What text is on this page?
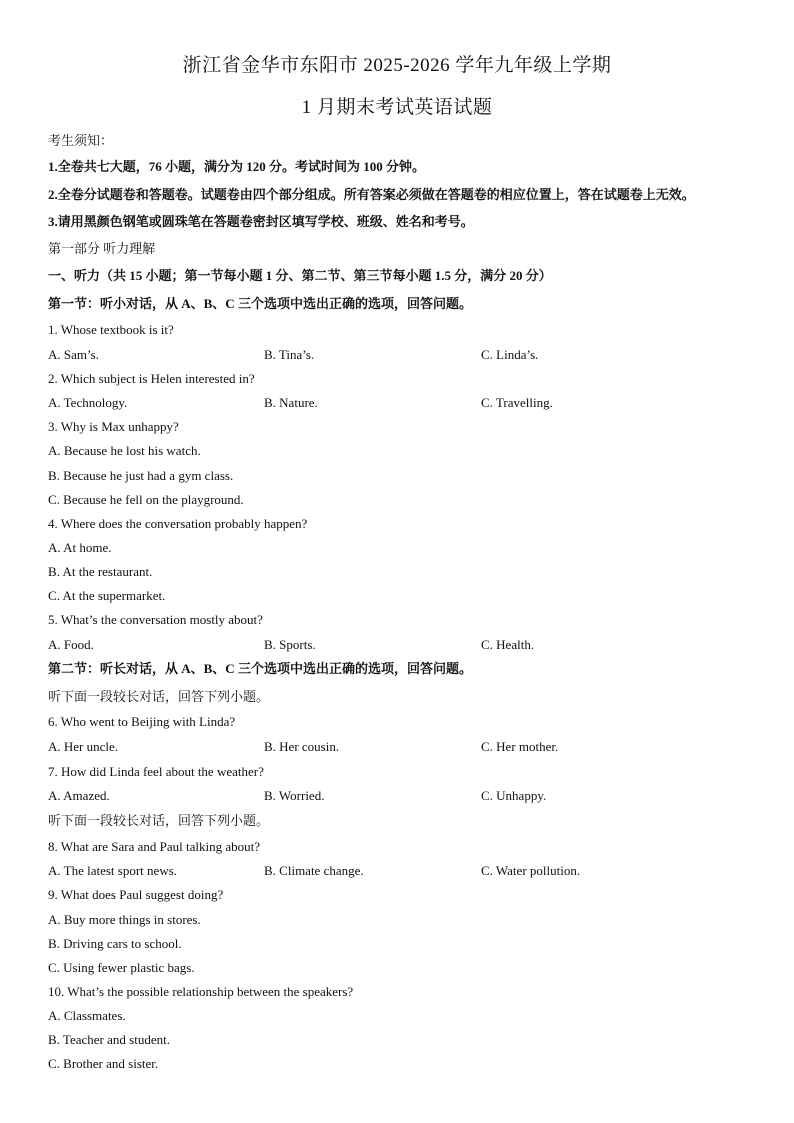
浙江省金华市东阳市 2025-2026 学年九年级上学期
1 月期末考试英语试题
考生须知：
1.全卷共七大题，76 小题，满分为 120 分。考试时间为 100 分钟。
2.全卷分试题卷和答题卷。试题卷由四个部分组成。所有答案必须做在答题卷的相应位置上，答在试题卷上无效。
3.请用黑颜色钢笔或圆珠笔在答题卷密封区填写学校、班级、姓名和考号。
第一部分 听力理解
一、听力（共 15 小题；第一节每小题 1 分、第二节、第三节每小题 1.5 分，满分 20 分）
第一节：听小对话，从 A、B、C 三个选项中选出正确的选项，回答问题。
1. Whose textbook is it?
A. Sam’s.	B. Tina’s.	C. Linda’s.
2. Which subject is Helen interested in?
A. Technology.	B. Nature.	C. Travelling.
3. Why is Max unhappy?
A. Because he lost his watch.
B. Because he just had a gym class.
C. Because he fell on the playground.
4. Where does the conversation probably happen?
A. At home.
B. At the restaurant.
C. At the supermarket.
5. What’s the conversation mostly about?
A. Food.	B. Sports.	C. Health.
第二节：听长对话，从 A、B、C 三个选项中选出正确的选项，回答问题。
听下面一段较长对话，回答下列小题。
6. Who went to Beijing with Linda?
A. Her uncle.	B. Her cousin.	C. Her mother.
7. How did Linda feel about the weather?
A. Amazed.	B. Worried.	C. Unhappy.
听下面一段较长对话，回答下列小题。
8. What are Sara and Paul talking about?
A. The latest sport news.	B. Climate change.	C. Water pollution.
9. What does Paul suggest doing?
A. Buy more things in stores.
B. Driving cars to school.
C. Using fewer plastic bags.
10. What’s the possible relationship between the speakers?
A. Classmates.
B. Teacher and student.
C. Brother and sister.
